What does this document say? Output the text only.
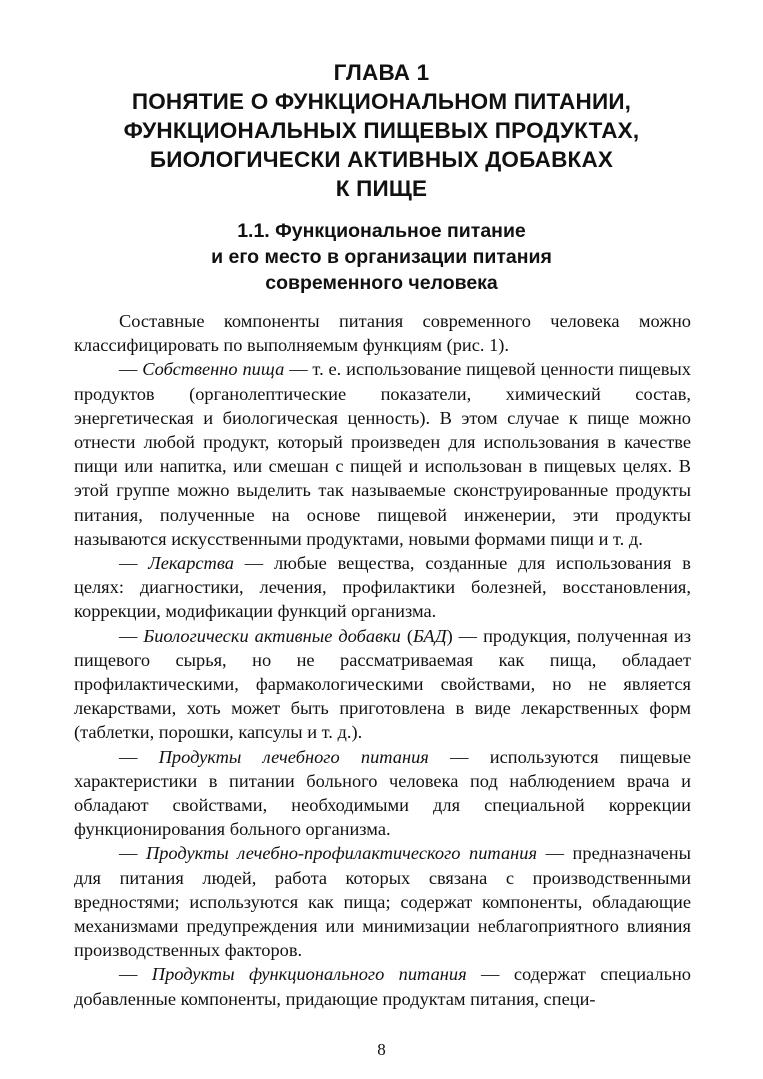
ГЛАВА 1
ПОНЯТИЕ О ФУНКЦИОНАЛЬНОМ ПИТАНИИ,
ФУНКЦИОНАЛЬНЫХ ПИЩЕВЫХ ПРОДУКТАХ,
БИОЛОГИЧЕСКИ АКТИВНЫХ ДОБАВКАХ
К ПИЩЕ
1.1. Функциональное питание
и его место в организации питания
современного человека

Составные компоненты питания современного человека можно классифицировать по выполняемым функциям (рис. 1).

— Собственно пища — т. е. использование пищевой ценности пищевых продуктов (органолептические показатели, химический состав, энергетическая и биологическая ценность). В этом случае к пище можно отнести любой продукт, который произведен для использования в качестве пищи или напитка, или смешан с пищей и использован в пищевых целях. В этой группе можно выделить так называемые сконструированные продукты питания, полученные на основе пищевой инженерии, эти продукты называются искусственными продуктами, новыми формами пищи и т. д.

— Лекарства — любые вещества, созданные для использования в целях: диагностики, лечения, профилактики болезней, восстановления, коррекции, модификации функций организма.

— Биологически активные добавки (БАД) — продукция, полученная из пищевого сырья, но не рассматриваемая как пища, обладает профилактическими, фармакологическими свойствами, но не является лекарствами, хоть может быть приготовлена в виде лекарственных форм (таблетки, порошки, капсулы и т. д.).

— Продукты лечебного питания — используются пищевые характеристики в питании больного человека под наблюдением врача и обладают свойствами, необходимыми для специальной коррекции функционирования больного организма.

— Продукты лечебно-профилактического питания — предназначены для питания людей, работа которых связана с производственными вредностями; используются как пища; содержат компоненты, обладающие механизмами предупреждения или минимизации неблагоприятного влияния производственных факторов.

— Продукты функционального питания — содержат специально добавленные компоненты, придающие продуктам питания, специ-

8
